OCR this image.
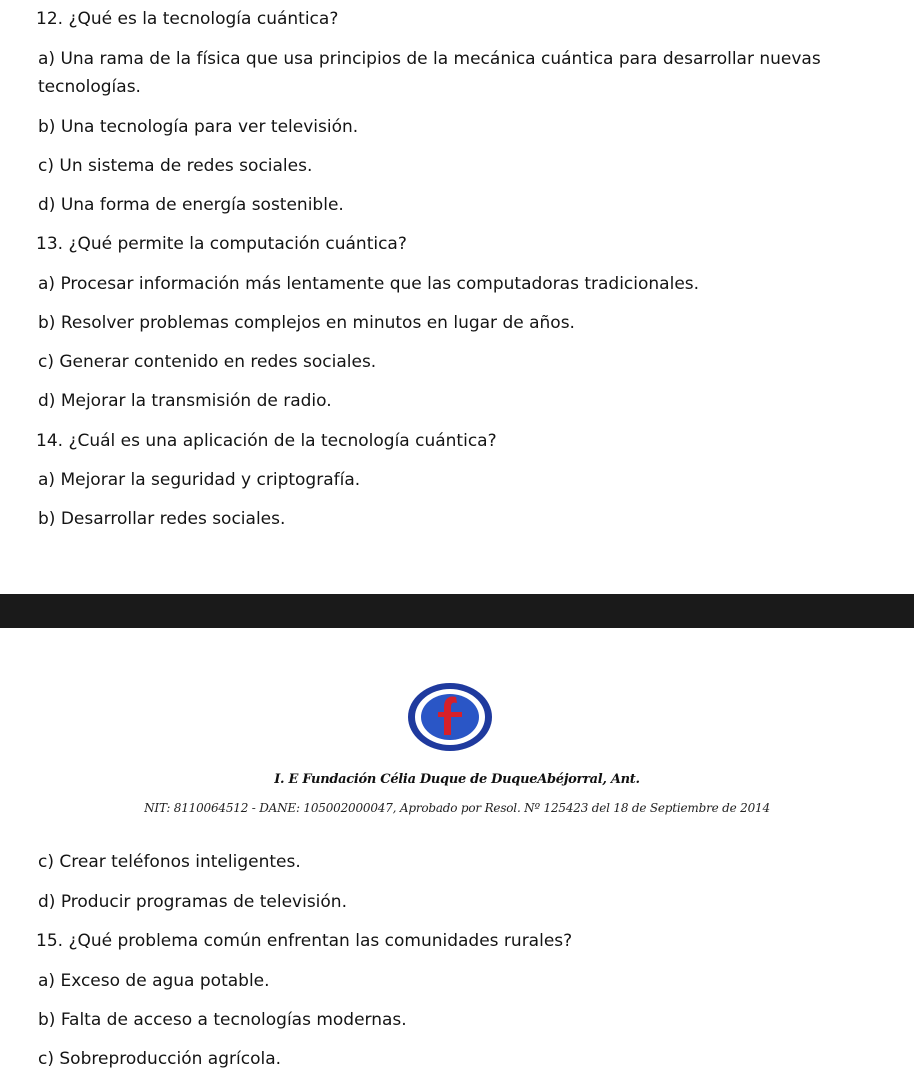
12. ¿Qué es la tecnología cuántica?
a) Una rama de la física que usa principios de la mecánica cuántica para desarrollar nuevas
tecnologías.
b) Una tecnología para ver televisión.
c) Un sistema de redes sociales.
d) Una forma de energía sostenible.
13. ¿Qué permite la computación cuántica?
a) Procesar información más lentamente que las computadoras tradicionales.
b) Resolver problemas complejos en minutos en lugar de años.
c) Generar contenido en redes sociales.
d) Mejorar la transmisión de radio.
14. ¿Cuál es una aplicación de la tecnología cuántica?
a) Mejorar la seguridad y criptografía.
b) Desarrollar redes sociales.
I. E Fundación Célia Duque de DuqueAbéjorral, Ant.
NIT: 8110064512 - DANE: 105002000047, Aprobado por Resol. Nº 125423 del 18 de Septiembre de 2014
c) Crear teléfonos inteligentes.
d) Producir programas de televisión.
15. ¿Qué problema común enfrentan las comunidades rurales?
a) Exceso de agua potable.
b) Falta de acceso a tecnologías modernas.
c) Sobreproducción agrícola.
